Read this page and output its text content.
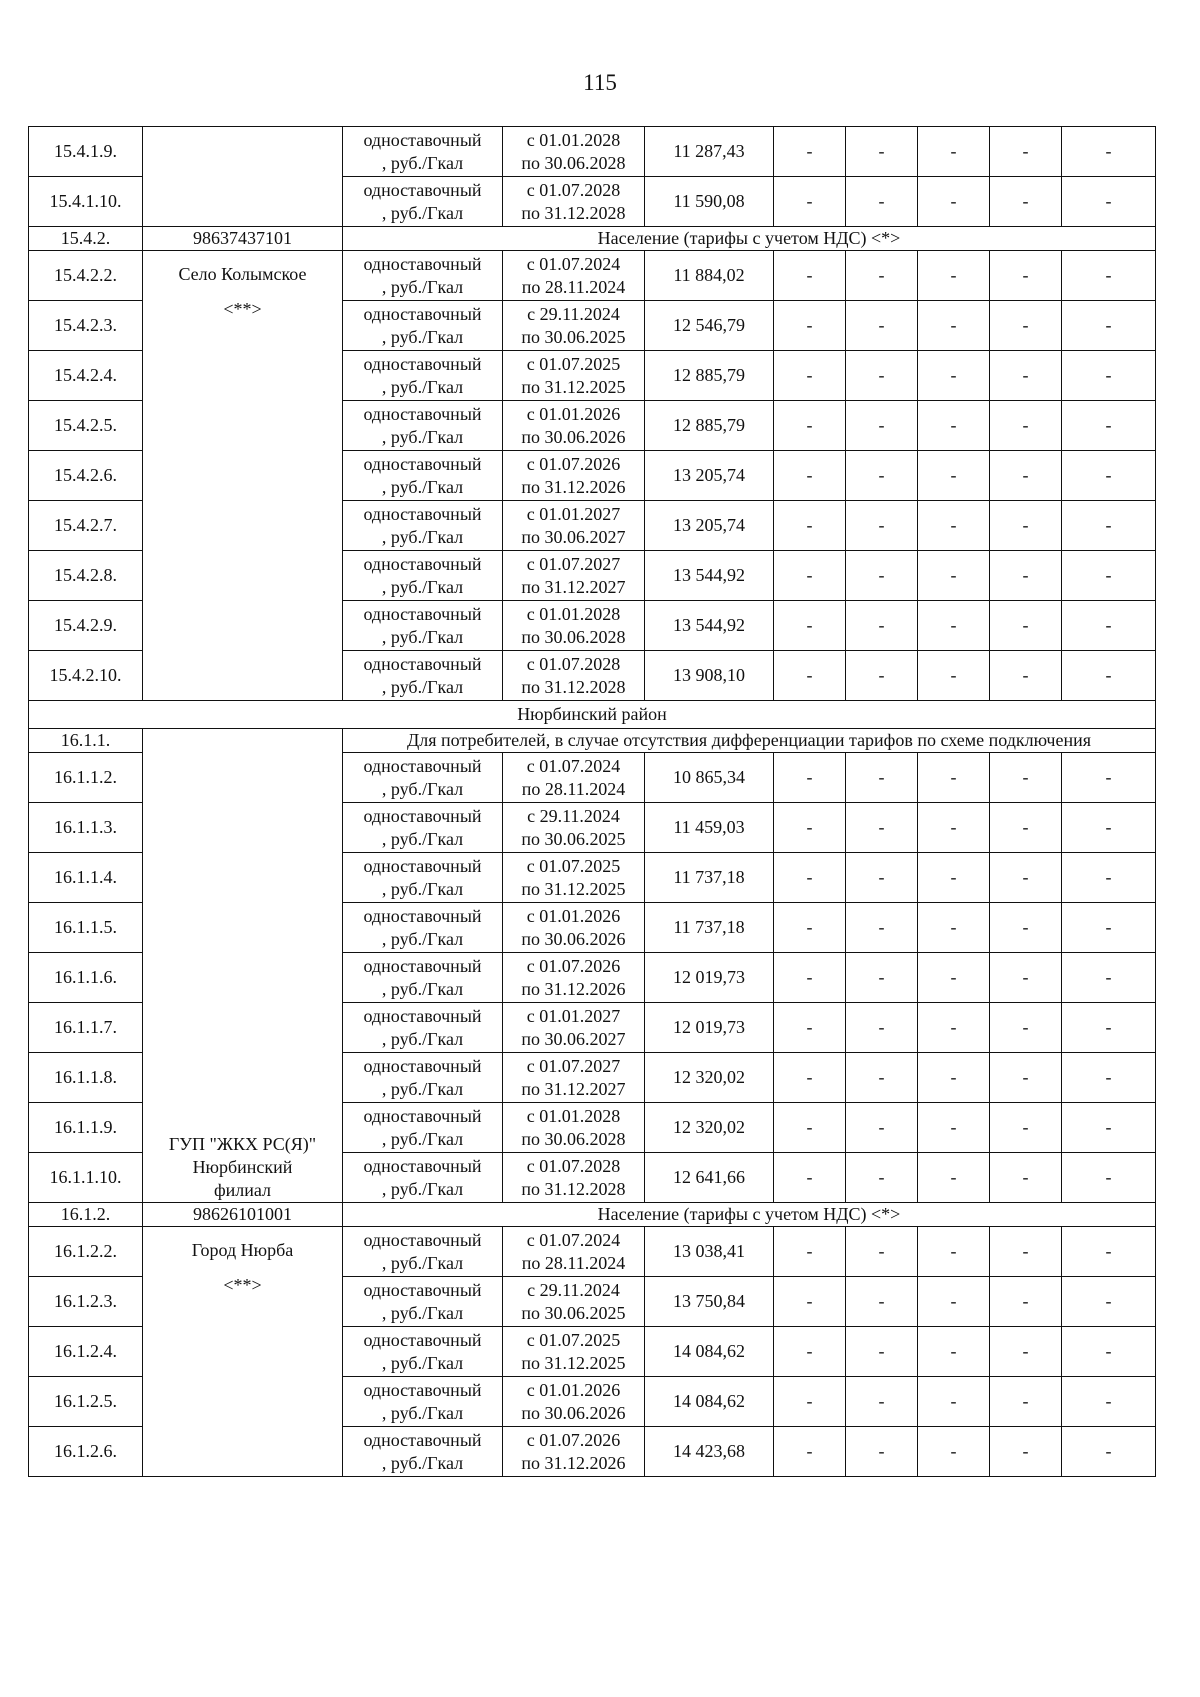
115
15.4.1.9.		одноставочный
, руб./Гкал	с 01.01.2028
по 30.06.2028	11 287,43	-	-	-	-	-
15.4.1.10.		одноставочный
, руб./Гкал	с 01.07.2028
по 31.12.2028	11 590,08	-	-	-	-	-
15.4.2.	98637437101	Население (тарифы с учетом НДС) <*>							
15.4.2.2.	Село Колымское
<**>	одноставочный
, руб./Гкал	с 01.07.2024
по 28.11.2024	11 884,02	-	-	-	-	-
15.4.2.3.		одноставочный
, руб./Гкал	с 29.11.2024
по 30.06.2025	12 546,79	-	-	-	-	-
15.4.2.4.		одноставочный
, руб./Гкал	с 01.07.2025
по 31.12.2025	12 885,79	-	-	-	-	-
15.4.2.5.		одноставочный
, руб./Гкал	с 01.01.2026
по 30.06.2026	12 885,79	-	-	-	-	-
15.4.2.6.		одноставочный
, руб./Гкал	с 01.07.2026
по 31.12.2026	13 205,74	-	-	-	-	-
15.4.2.7.		одноставочный
, руб./Гкал	с 01.01.2027
по 30.06.2027	13 205,74	-	-	-	-	-
15.4.2.8.		одноставочный
, руб./Гкал	с 01.07.2027
по 31.12.2027	13 544,92	-	-	-	-	-
15.4.2.9.		одноставочный
, руб./Гкал	с 01.01.2028
по 30.06.2028	13 544,92	-	-	-	-	-
15.4.2.10.		одноставочный
, руб./Гкал	с 01.07.2028
по 31.12.2028	13 908,10	-	-	-	-	-
Нюрбинский район									
16.1.1.	ГУП "ЖКХ РС(Я)"
Нюрбинский
филиал	Для потребителей, в случае отсутствия дифференциации тарифов по схеме подключения							
16.1.1.2.		одноставочный
, руб./Гкал	с 01.07.2024
по 28.11.2024	10 865,34	-	-	-	-	-
16.1.1.3.		одноставочный
, руб./Гкал	с 29.11.2024
по 30.06.2025	11 459,03	-	-	-	-	-
16.1.1.4.		одноставочный
, руб./Гкал	с 01.07.2025
по 31.12.2025	11 737,18	-	-	-	-	-
16.1.1.5.		одноставочный
, руб./Гкал	с 01.01.2026
по 30.06.2026	11 737,18	-	-	-	-	-
16.1.1.6.		одноставочный
, руб./Гкал	с 01.07.2026
по 31.12.2026	12 019,73	-	-	-	-	-
16.1.1.7.		одноставочный
, руб./Гкал	с 01.01.2027
по 30.06.2027	12 019,73	-	-	-	-	-
16.1.1.8.		одноставочный
, руб./Гкал	с 01.07.2027
по 31.12.2027	12 320,02	-	-	-	-	-
16.1.1.9.		одноставочный
, руб./Гкал	с 01.01.2028
по 30.06.2028	12 320,02	-	-	-	-	-
16.1.1.10.		одноставочный
, руб./Гкал	с 01.07.2028
по 31.12.2028	12 641,66	-	-	-	-	-
16.1.2.	98626101001	Население (тарифы с учетом НДС) <*>							
16.1.2.2.	Город Нюрба
<**>	одноставочный
, руб./Гкал	с 01.07.2024
по 28.11.2024	13 038,41	-	-	-	-	-
16.1.2.3.		одноставочный
, руб./Гкал	с 29.11.2024
по 30.06.2025	13 750,84	-	-	-	-	-
16.1.2.4.		одноставочный
, руб./Гкал	с 01.07.2025
по 31.12.2025	14 084,62	-	-	-	-	-
16.1.2.5.		одноставочный
, руб./Гкал	с 01.01.2026
по 30.06.2026	14 084,62	-	-	-	-	-
16.1.2.6.		одноставочный
, руб./Гкал	с 01.07.2026
по 31.12.2026	14 423,68	-	-	-	-	-
